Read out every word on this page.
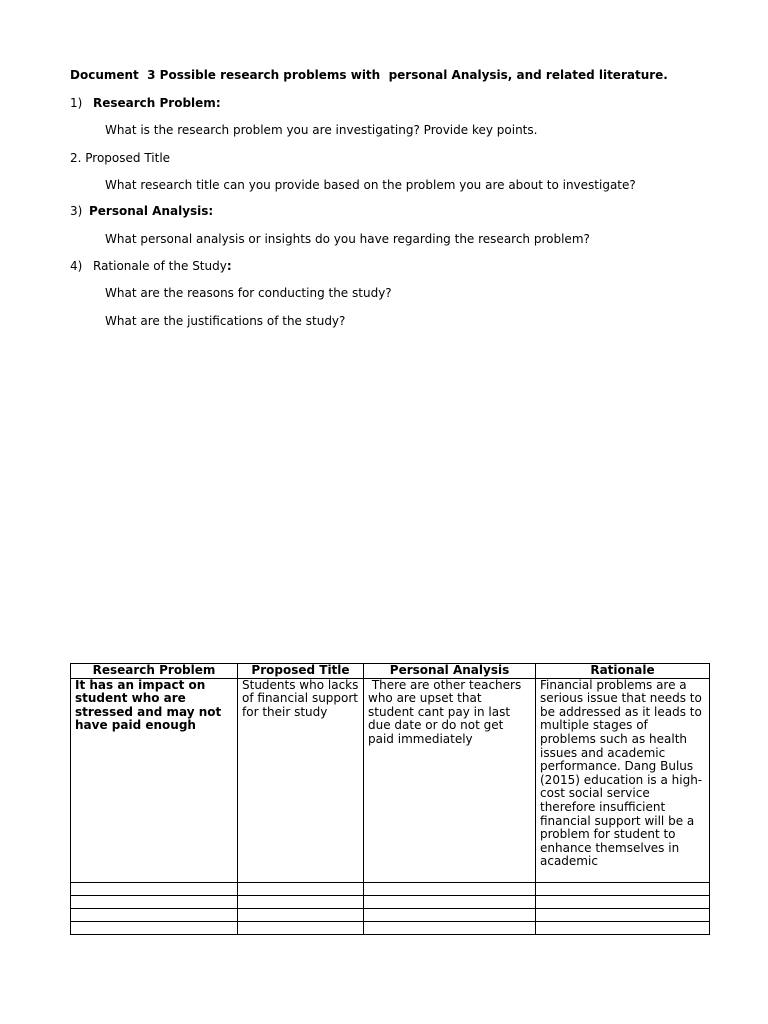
Document  3 Possible research problems with  personal Analysis, and related literature.
1) Research Problem:
What is the research problem you are investigating? Provide key points.
2. Proposed Title
What research title can you provide based on the problem you are about to investigate?
3) Personal Analysis:
What personal analysis or insights do you have regarding the research problem?
4) Rationale of the Study:
What are the reasons for conducting the study?
What are the justifications of the study?
Research Problem	Proposed Title	Personal Analysis	Rationale
It has an impact on student who are stressed and may not have paid enough	Students who lacks of financial support for their study	There are other teachers who are upset that student cant pay in last due date or do not get paid immediately	Financial problems are a serious issue that needs to be addressed as it leads to multiple stages of problems such as health issues and academic performance. Dang Bulus (2015) education is a high-cost social service therefore insufficient financial support will be a problem for student to enhance themselves in academic
